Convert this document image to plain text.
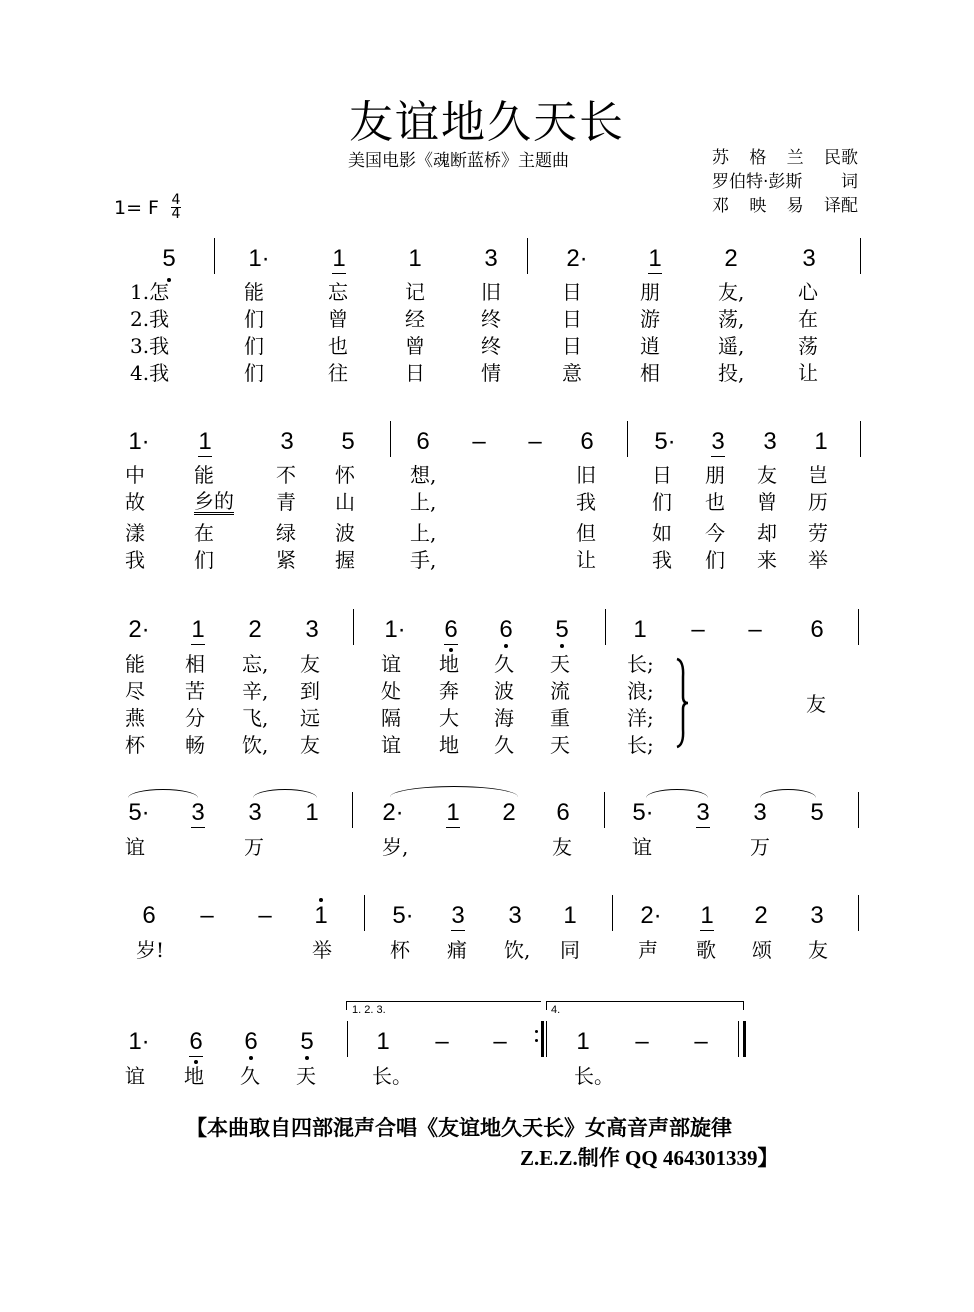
友谊地久天长
美国电影《魂断蓝桥》主题曲	苏 格 兰 民歌
罗伯特·彭斯 词
邓 映 易 译配
1= F 4
4
5	1·	1	1	3	2·	1	2	3
1.怎	能	忘	记	旧	日	朋	友,	心
2.我	们	曾	经	终	日	游	荡,	在
3.我	们	也	曾	终	日	逍	遥,	荡
4.我	们	往	日	情	意	相	投,	让
1·	1	3	5	6	–	–	6	5·	3	3	1
中 能	不 怀	想,	旧	日 朋 友 岂
故 乡的 青 山	上,	我	们 也 曾 历
漾 在	绿 波	上,	但	如 今 却 劳
我 们	紧 握	手,	让	我 们 来 举
2·	1	2	3	1·	6	6	5	1	–	–	6
能 相 忘, 友	谊 地 久 天	长;
尽 苦 辛, 到	处 奔 波 流	浪;
燕 分 飞, 远	隔 大 海 重	洋;
杯 畅 饮, 友	谊 地 久 天	长;
友
5·	3	3	1	2·	1	2	6	5·	3	3	5
谊	万	岁,	友	谊	万
6	–	–	1	5·	3	3	1	2·	1	2	3
岁!	举	杯 痛 饮, 同	声 歌 颂 友
1. 2. 3.	4.
1·	6	6	5	1	–	–	1	–	–
谊 地 久 天	长。	长。
【本曲取自四部混声合唱《友谊地久天长》女高音声部旋律
Z.E.Z.制作 QQ 464301339】
